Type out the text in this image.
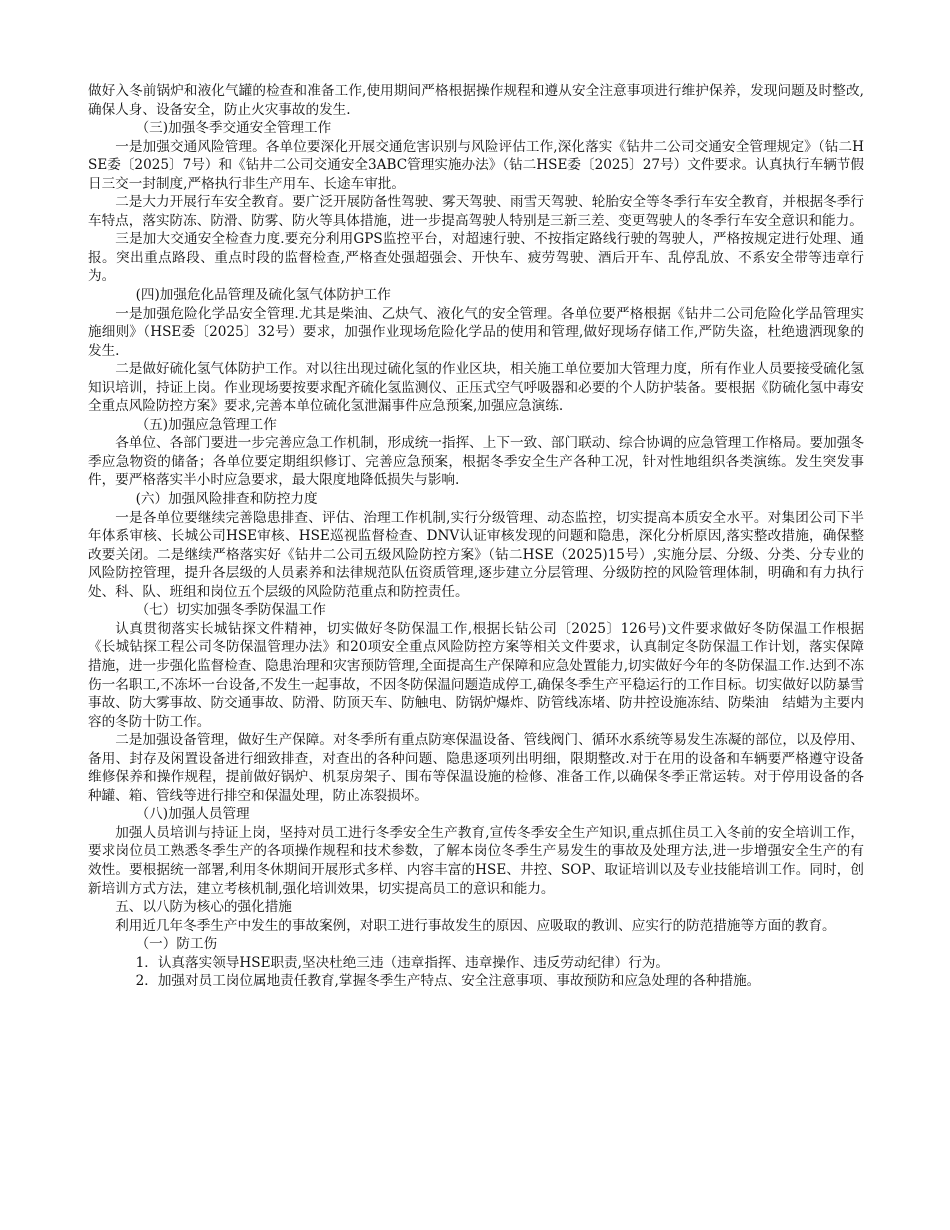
做好入冬前锅炉和液化气罐的检查和准备工作,使用期间严格根据操作规程和遵从安全注意事项进行维护保养，发现问题及时整改,确保人身、设备安全，防止火灾事故的发生.

（三)加强冬季交通安全管理工作

一是加强交通风险管理。各单位要深化开展交通危害识别与风险评估工作,深化落实《钻井二公司交通安全管理规定》（钻二HSE委〔2025〕7号）和《钻井二公司交通安全3ABC管理实施办法》（钻二HSE委〔2025〕27号）文件要求。认真执行车辆节假日三交一封制度,严格执行非生产用车、长途车审批。

二是大力开展行车安全教育。要广泛开展防备性驾驶、雾天驾驶、雨雪天驾驶、轮胎安全等冬季行车安全教育，并根据冬季行车特点，落实防冻、防滑、防雾、防火等具体措施，进一步提高驾驶人特别是三新三差、变更驾驶人的冬季行车安全意识和能力。

三是加大交通安全检查力度.要充分利用GPS监控平台，对超速行驶、不按指定路线行驶的驾驶人，严格按规定进行处理、通报。突出重点路段、重点时段的监督检查,严格查处强超强会、开快车、疲劳驾驶、酒后开车、乱停乱放、不系安全带等违章行为。

(四)加强危化品管理及硫化氢气体防护工作

一是加强危险化学品安全管理.尤其是柴油、乙炔气、液化气的安全管理。各单位要严格根据《钻井二公司危险化学品管理实施细则》（HSE委〔2025〕32号）要求，加强作业现场危险化学品的使用和管理,做好现场存储工作,严防失盗，杜绝遗洒现象的发生.

二是做好硫化氢气体防护工作。对以往出现过硫化氢的作业区块，相关施工单位要加大管理力度，所有作业人员要接受硫化氢知识培训，持证上岗。作业现场要按要求配齐硫化氢监测仪、正压式空气呼吸器和必要的个人防护装备。要根据《防硫化氢中毒安全重点风险防控方案》要求,完善本单位硫化氢泄漏事件应急预案,加强应急演练.

（五)加强应急管理工作

各单位、各部门要进一步完善应急工作机制，形成统一指挥、上下一致、部门联动、综合协调的应急管理工作格局。要加强冬季应急物资的储备；各单位要定期组织修订、完善应急预案，根据冬季安全生产各种工况，针对性地组织各类演练。发生突发事件，要严格落实半小时应急要求，最大限度地降低损失与影响.

(六）加强风险排查和防控力度

一是各单位要继续完善隐患排查、评估、治理工作机制,实行分级管理、动态监控，切实提高本质安全水平。对集团公司下半年体系审核、长城公司HSE审核、HSE巡视监督检查、DNV认证审核发现的问题和隐患，深化分析原因,落实整改措施，确保整改要关闭。二是继续严格落实好《钻井二公司五级风险防控方案》（钻二HSE（2025)15号）,实施分层、分级、分类、分专业的风险防控管理，提升各层级的人员素养和法律规范队伍资质管理,逐步建立分层管理、分级防控的风险管理体制，明确和有力执行处、科、队、班组和岗位五个层级的风险防范重点和防控责任。

（七）切实加强冬季防保温工作

认真贯彻落实长城钻探文件精神，切实做好冬防保温工作,根据长钻公司〔2025〕126号)文件要求做好冬防保温工作根据《长城钻探工程公司冬防保温管理办法》和20项安全重点风险防控方案等相关文件要求，认真制定冬防保温工作计划，落实保障措施，进一步强化监督检查、隐患治理和灾害预防管理,全面提高生产保障和应急处置能力,切实做好今年的冬防保温工作.达到不冻伤一名职工,不冻坏一台设备,不发生一起事故，不因冬防保温问题造成停工,确保冬季生产平稳运行的工作目标。切实做好以防暴雪事故、防大雾事故、防交通事故、防滑、防顶天车、防触电、防锅炉爆炸、防管线冻堵、防井控设施冻结、防柴油　结蜡为主要内容的冬防十防工作。

二是加强设备管理，做好生产保障。对冬季所有重点防寒保温设备、管线阀门、循环水系统等易发生冻凝的部位，以及停用、备用、封存及闲置设备进行细致排查，对查出的各种问题、隐患逐项列出明细，限期整改.对于在用的设备和车辆要严格遵守设备维修保养和操作规程，提前做好锅炉、机泵房架子、围布等保温设施的检修、准备工作,以确保冬季正常运转。对于停用设备的各种罐、箱、管线等进行排空和保温处理，防止冻裂损坏。

（八)加强人员管理

加强人员培训与持证上岗，坚持对员工进行冬季安全生产教育,宣传冬季安全生产知识,重点抓住员工入冬前的安全培训工作，要求岗位员工熟悉冬季生产的各项操作规程和技术参数，了解本岗位冬季生产易发生的事故及处理方法,进一步增强安全生产的有效性。要根据统一部署,利用冬休期间开展形式多样、内容丰富的HSE、井控、SOP、取证培训以及专业技能培训工作。同时，创新培训方式方法，建立考核机制,强化培训效果，切实提高员工的意识和能力。

五、以八防为核心的强化措施

利用近几年冬季生产中发生的事故案例，对职工进行事故发生的原因、应吸取的教训、应实行的防范措施等方面的教育。

（一）防工伤

1．认真落实领导HSE职责,坚决杜绝三违（违章指挥、违章操作、违反劳动纪律）行为。

2．加强对员工岗位属地责任教育,掌握冬季生产特点、安全注意事项、事故预防和应急处理的各种措施。
